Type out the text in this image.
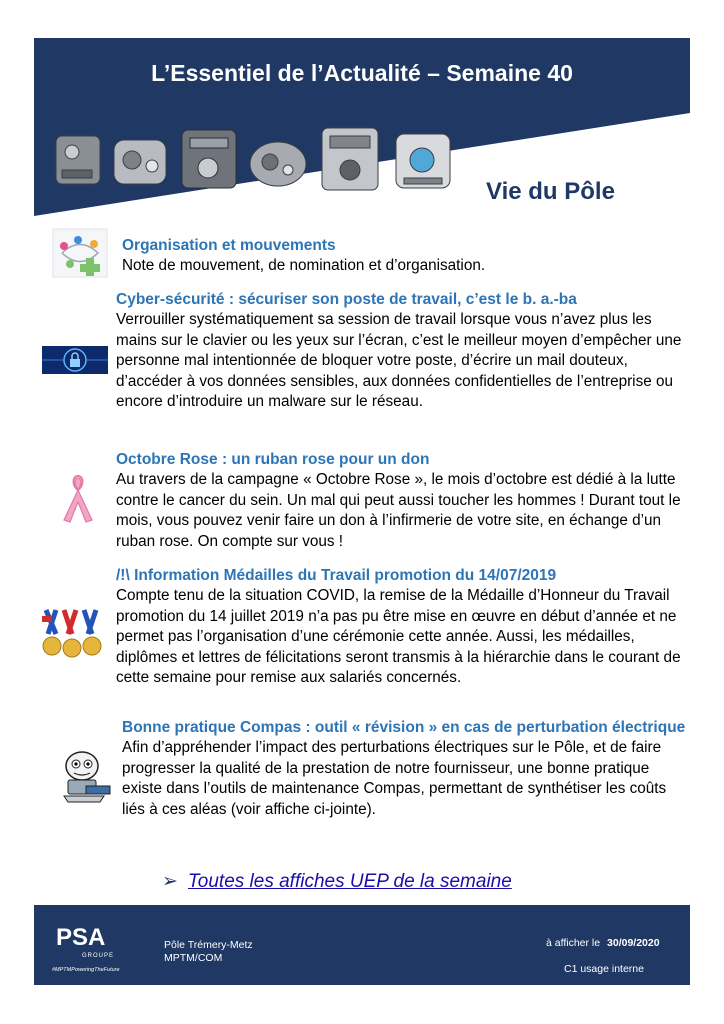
L’Essentiel de l’Actualité – Semaine 40
Vie du Pôle
Organisation et mouvements
Note de mouvement, de nomination et d’organisation.
Cyber-sécurité : sécuriser son poste de travail, c’est le b. a.-ba
Verrouiller systématiquement sa session de travail lorsque vous n’avez plus les mains sur le clavier ou les yeux sur l’écran, c’est le meilleur moyen d’empêcher une personne mal intentionnée de bloquer votre poste, d’écrire un mail douteux, d’accéder à vos données sensibles, aux données confidentielles de l’entreprise ou encore d’introduire un malware sur le réseau.
Octobre Rose : un ruban rose pour un don
Au travers de la campagne « Octobre Rose », le mois d’octobre est dédié à la lutte contre le cancer du sein. Un mal qui peut aussi toucher les hommes ! Durant tout le mois, vous pouvez venir faire un don à l’infirmerie de votre site, en échange d’un ruban rose. On compte sur vous !
/!\ Information Médailles du Travail promotion du 14/07/2019
Compte tenu de la situation COVID, la remise de la Médaille d’Honneur du Travail promotion du 14 juillet 2019 n’a pas pu être mise en œuvre en début d’année et ne permet pas l’organisation d’une cérémonie cette année. Aussi, les médailles, diplômes et lettres de félicitations seront transmis à la hiérarchie dans le courant de cette semaine pour remise aux salariés concernés.
Bonne pratique Compas : outil « révision » en cas de perturbation électrique
Afin d’appréhender l’impact des perturbations électriques sur le Pôle, et de faire progresser la qualité de la prestation de notre fournisseur, une bonne pratique existe dans l’outils de maintenance Compas, permettant de synthétiser les coûts liés à ces aléas (voir affiche ci-jointe).
➢ Toutes les affiches UEP de la semaine
PSA
GROUPE
#MPTMPoweringTheFuture
Pôle Trémery-Metz
MPTM/COM
à afficher le 30/09/2020
C1 usage interne
